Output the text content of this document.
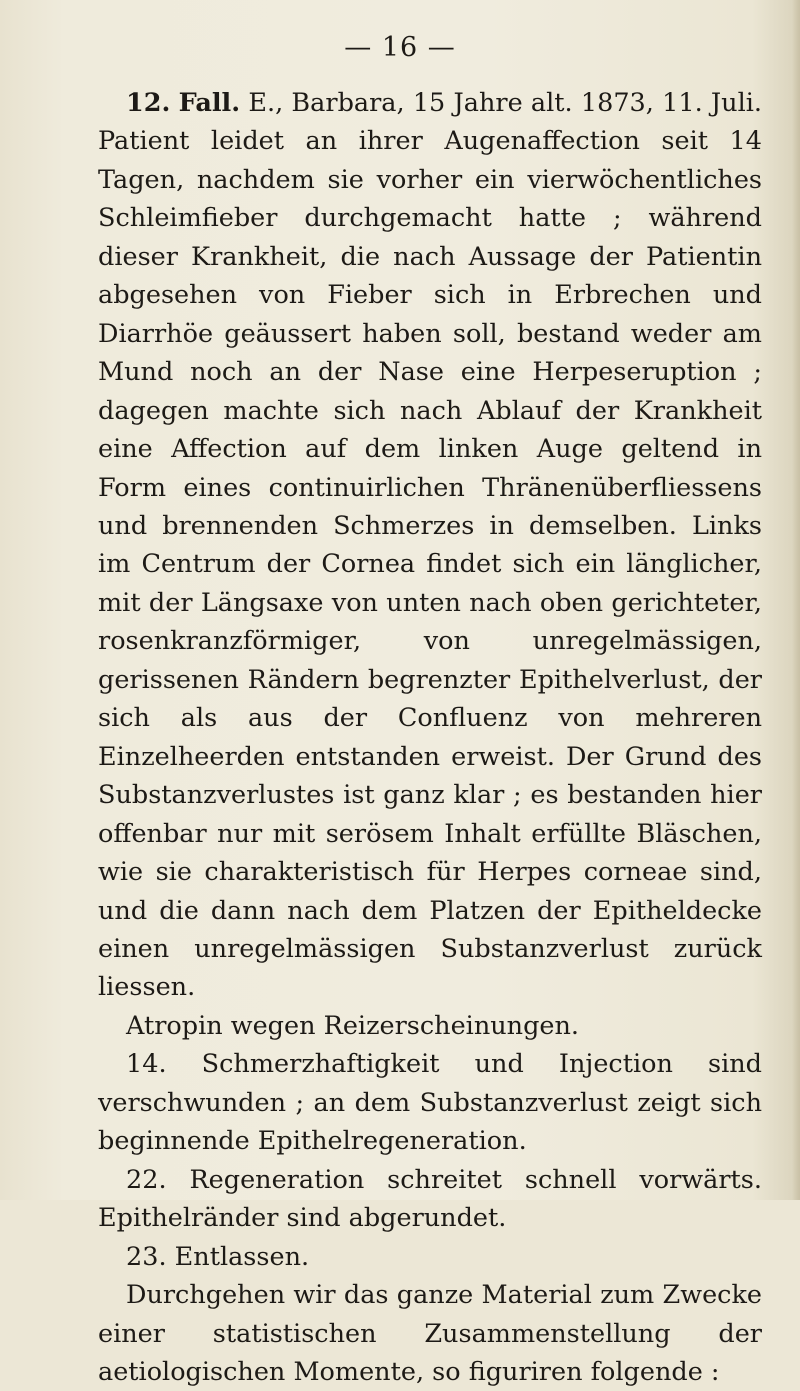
— 16 —

12. Fall. E., Barbara, 15 Jahre alt. 1873, 11. Juli. Patient leidet an ihrer Augenaffection seit 14 Tagen, nachdem sie vorher ein vierwöchentliches Schleimfieber durchgemacht hatte ; während dieser Krankheit, die nach Aussage der Patientin abgesehen von Fieber sich in Erbrechen und Diarrhöe geäussert haben soll, bestand weder am Mund noch an der Nase eine Herpeseruption ; dagegen machte sich nach Ablauf der Krankheit eine Affection auf dem linken Auge geltend in Form eines continuirlichen Thränenüberfliessens und brennenden Schmerzes in demselben. Links im Centrum der Cornea findet sich ein länglicher, mit der Längsaxe von unten nach oben gerichteter, rosenkranzförmiger, von unregelmässigen, gerissenen Rändern begrenzter Epithelverlust, der sich als aus der Confluenz von mehreren Einzelheerden entstanden erweist. Der Grund des Substanzverlustes ist ganz klar ; es bestanden hier offenbar nur mit serösem Inhalt erfüllte Bläschen, wie sie charakteristisch für Herpes corneae sind, und die dann nach dem Platzen der Epitheldecke einen unregelmässigen Substanzverlust zurück liessen.

Atropin wegen Reizerscheinungen.

14. Schmerzhaftigkeit und Injection sind verschwunden ; an dem Substanzverlust zeigt sich beginnende Epithelregeneration.

22. Regeneration schreitet schnell vorwärts. Epithelränder sind abgerundet.

23. Entlassen.

Durchgehen wir das ganze Material zum Zwecke einer statistischen Zusammenstellung der aetiologischen Momente, so figuriren folgende :
